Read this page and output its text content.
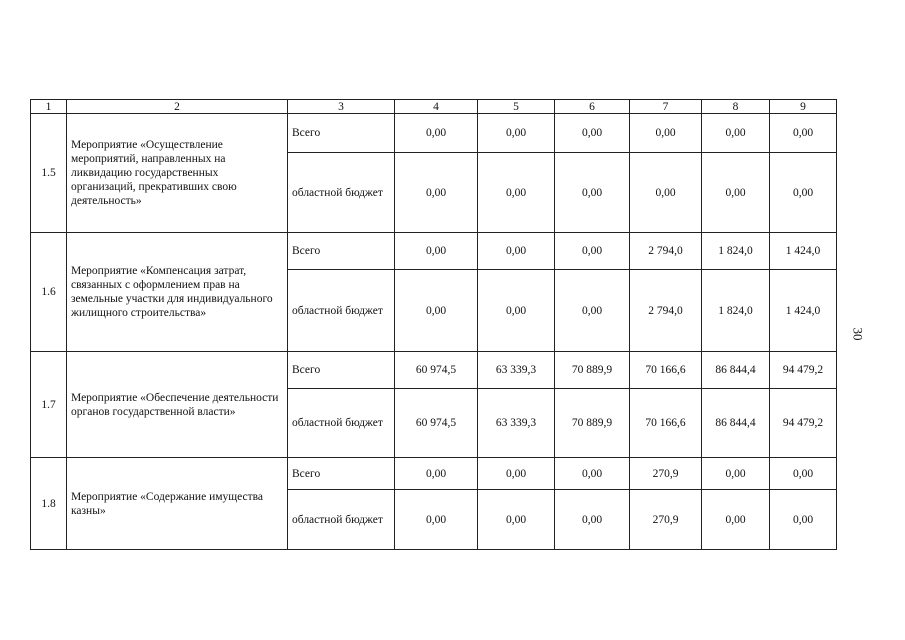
1	2	3	4	5	6	7	8	9
1.5	Мероприятие «Осуществление мероприятий, направленных на ликвидацию государственных организаций, прекративших свою деятельность»	Всего	0,00	0,00	0,00	0,00	0,00	0,00
		областной бюджет	0,00	0,00	0,00	0,00	0,00	0,00
1.6	Мероприятие «Компенсация затрат, связанных с оформлением прав на земельные участки для индивидуального жилищного строительства»	Всего	0,00	0,00	0,00	2 794,0	1 824,0	1 424,0
		областной бюджет	0,00	0,00	0,00	2 794,0	1 824,0	1 424,0
1.7	Мероприятие «Обеспечение деятельности органов государственной власти»	Всего	60 974,5	63 339,3	70 889,9	70 166,6	86 844,4	94 479,2
		областной бюджет	60 974,5	63 339,3	70 889,9	70 166,6	86 844,4	94 479,2
1.8	Мероприятие «Содержание имущества казны»	Всего	0,00	0,00	0,00	270,9	0,00	0,00
		областной бюджет	0,00	0,00	0,00	270,9	0,00	0,00
30
